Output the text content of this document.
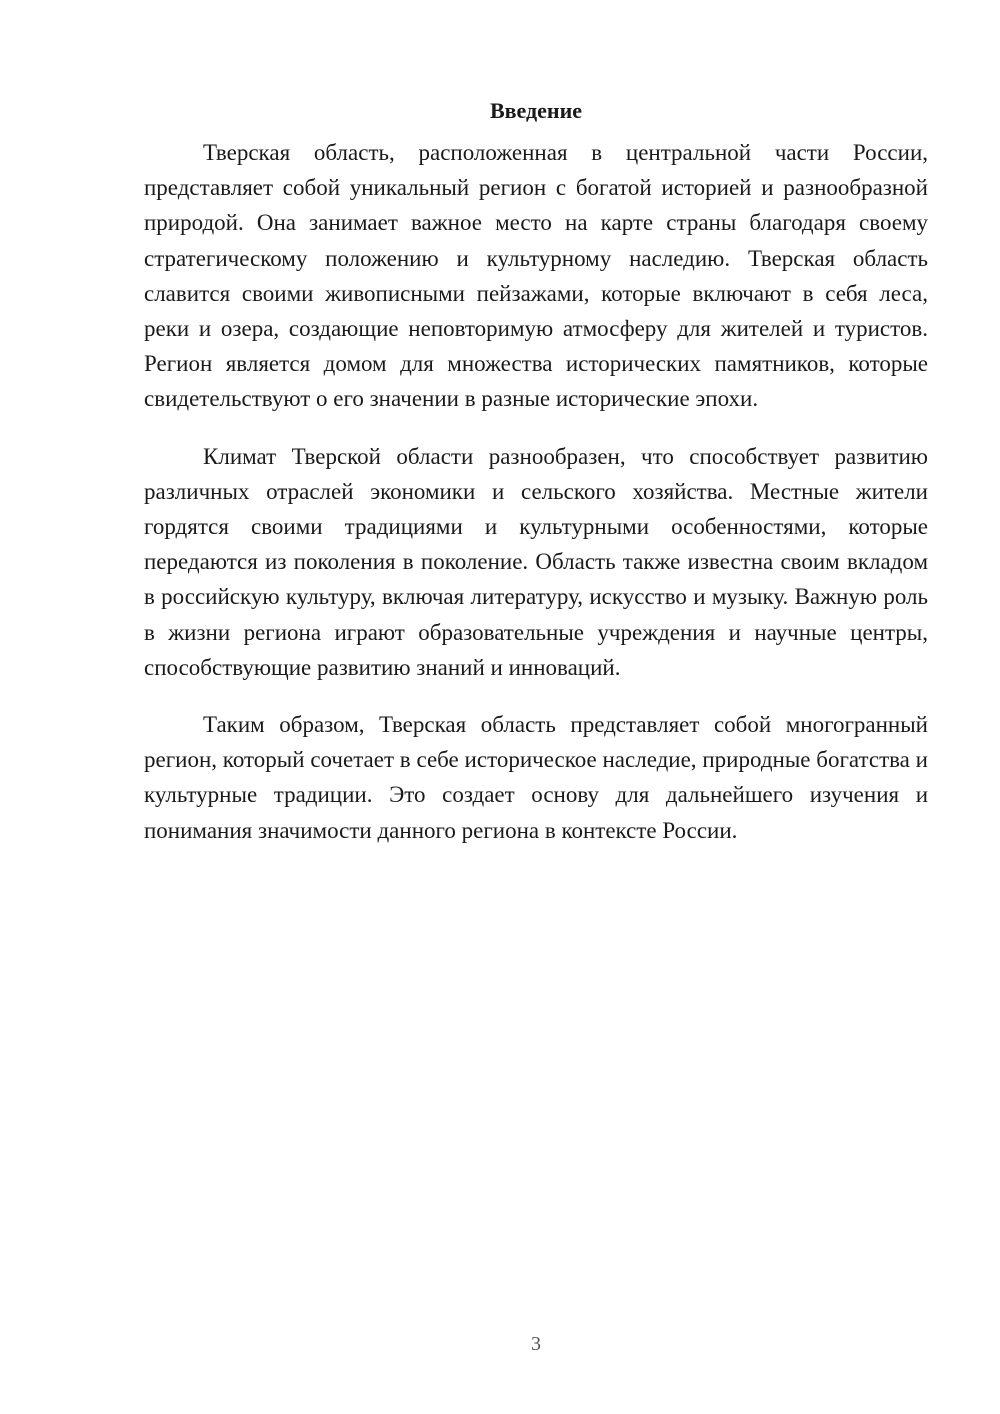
Введение

Тверская область, расположенная в центральной части России, представляет собой уникальный регион с богатой историей и разнообразной природой. Она занимает важное место на карте страны благодаря своему стратегическому положению и культурному наследию. Тверская область славится своими живописными пейзажами, которые включают в себя леса, реки и озера, создающие неповторимую атмосферу для жителей и туристов. Регион является домом для множества исторических памятников, которые свидетельствуют о его значении в разные исторические эпохи.

Климат Тверской области разнообразен, что способствует развитию различных отраслей экономики и сельского хозяйства. Местные жители гордятся своими традициями и культурными особенностями, которые передаются из поколения в поколение. Область также известна своим вкладом в российскую культуру, включая литературу, искусство и музыку. Важную роль в жизни региона играют образовательные учреждения и научные центры, способствующие развитию знаний и инноваций.

Таким образом, Тверская область представляет собой многогранный регион, который сочетает в себе историческое наследие, природные богатства и культурные традиции. Это создает основу для дальнейшего изучения и понимания значимости данного региона в контексте России.

3
